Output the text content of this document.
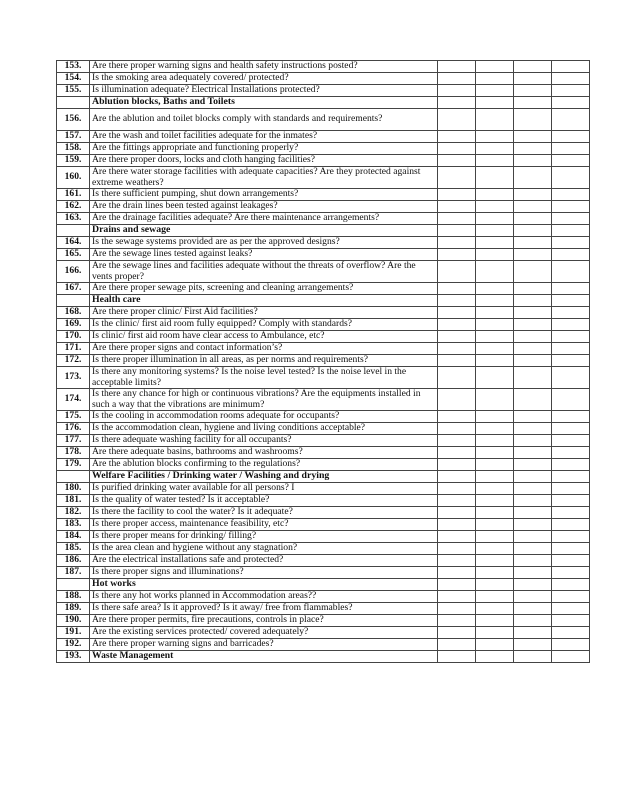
153.	Are there proper warning signs and health safety instructions posted?				
154.	Is the smoking area adequately covered/ protected?				
155.	Is illumination adequate? Electrical Installations protected?				
	Ablution blocks, Baths and Toilets				
156.	Are the ablution and toilet blocks comply with standards and requirements?				
157.	Are the wash and toilet facilities adequate for the inmates?				
158.	Are the fittings appropriate and functioning properly?				
159.	Are there proper doors, locks and cloth hanging facilities?				
160.	Are there water storage facilities with adequate capacities? Are they protected against extreme weathers?				
161.	Is there sufficient pumping, shut down arrangements?				
162.	Are the drain lines been tested against leakages?				
163.	Are the drainage facilities adequate? Are there maintenance arrangements?				
	Drains and sewage				
164.	Is the sewage systems provided are as per the approved designs?				
165.	Are the sewage lines tested against leaks?				
166.	Are the sewage lines and facilities adequate without the threats of overflow? Are the vents proper?				
167.	Are there proper sewage pits, screening and cleaning arrangements?				
	Health care				
168.	Are there proper clinic/ First Aid facilities?				
169.	Is the clinic/ first aid room fully equipped? Comply with standards?				
170.	Is clinic/ first aid room have clear access to Ambulance, etc?				
171.	Are there proper signs and contact information’s?				
172.	Is there proper illumination in all areas, as per norms and requirements?				
173.	Is there any monitoring systems? Is the noise level tested? Is the noise level in the acceptable limits?				
174.	Is there any chance for high or continuous vibrations? Are the equipments installed in such a way that the vibrations are minimum?				
175.	Is the cooling in accommodation rooms adequate for occupants?				
176.	Is the accommodation clean, hygiene and living conditions acceptable?				
177.	Is there adequate washing facility for all occupants?				
178.	Are there adequate basins, bathrooms and washrooms?				
179.	Are the ablution blocks confirming to the regulations?				
	Welfare Facilities / Drinking water / Washing and drying				
180.	Is purified drinking water available for all persons? I				
181.	Is the quality of water tested? Is it acceptable?				
182.	Is there the facility to cool the water? Is it adequate?				
183.	Is there proper access, maintenance feasibility, etc?				
184.	Is there proper means for drinking/ filling?				
185.	Is the area clean and hygiene without any stagnation?				
186.	Are the electrical installations safe and protected?				
187.	Is there proper signs and illuminations?				
	Hot works				
188.	Is there any hot works planned in Accommodation areas??				
189.	Is there safe area? Is it approved? Is it away/ free from flammables?				
190.	Are there proper permits, fire precautions, controls in place?				
191.	Are the existing services protected/ covered adequately?				
192.	Are there proper warning signs and barricades?				
193.	Waste Management				
